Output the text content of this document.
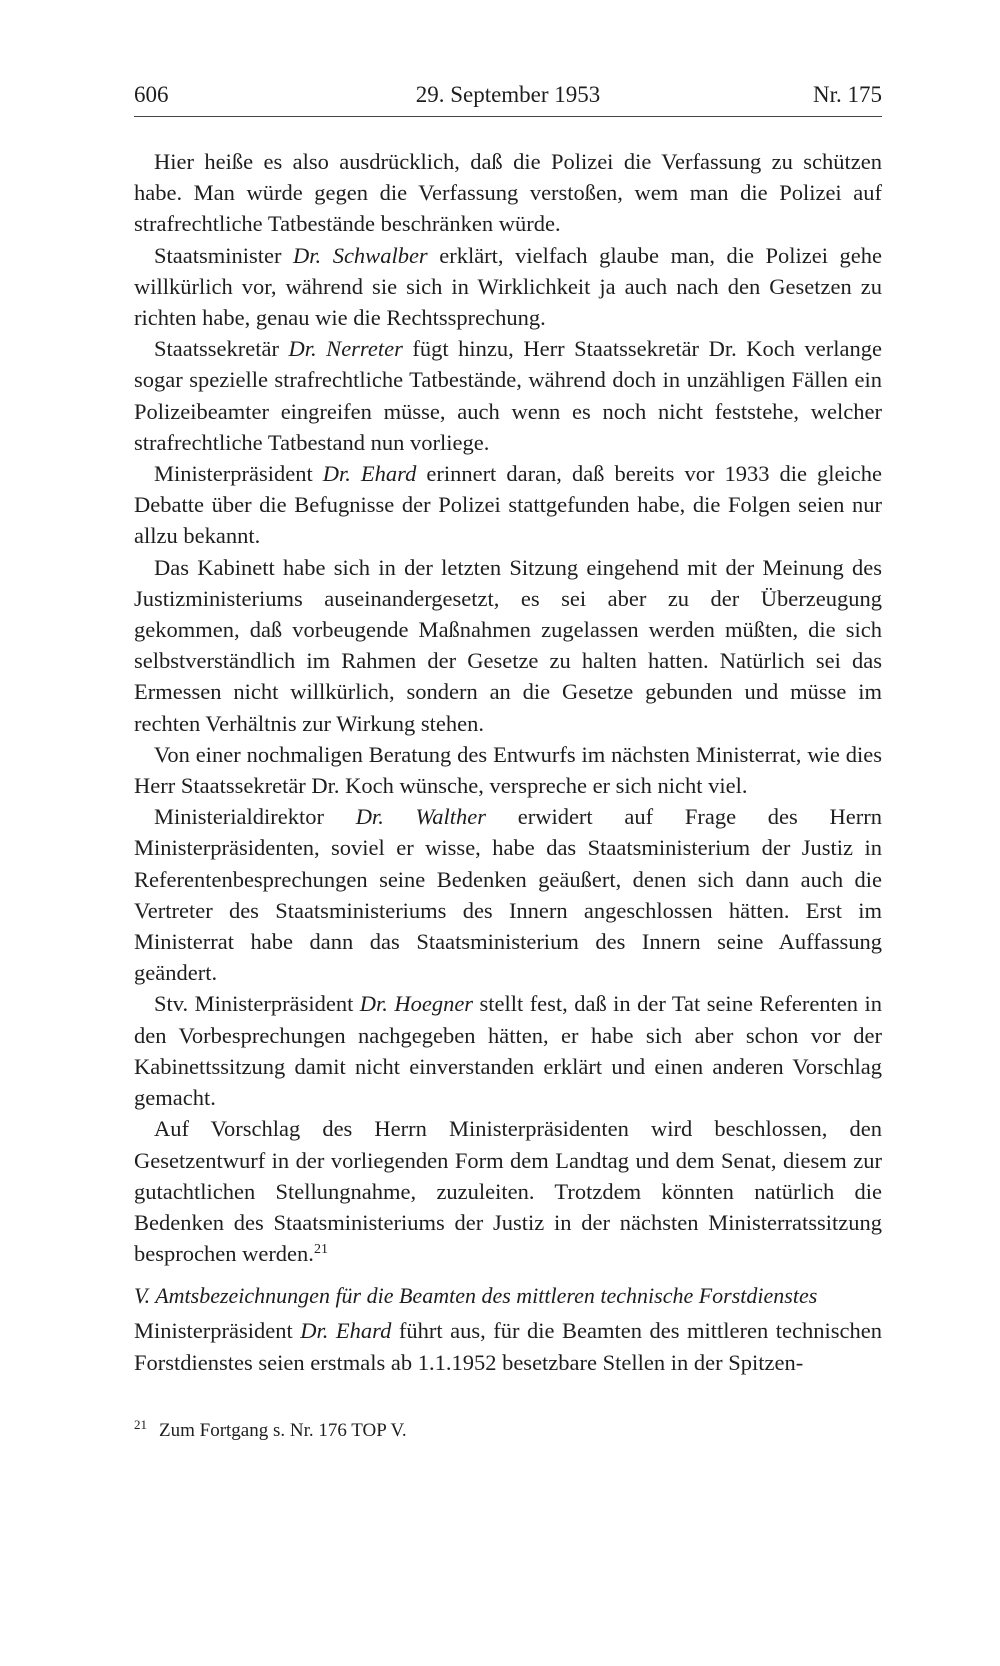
606	29. September 1953	Nr. 175

Hier heiße es also ausdrücklich, daß die Polizei die Verfassung zu schützen habe. Man würde gegen die Verfassung verstoßen, wem man die Polizei auf strafrechtliche Tatbestände beschränken würde.

Staatsminister Dr. Schwalber erklärt, vielfach glaube man, die Polizei gehe willkürlich vor, während sie sich in Wirklichkeit ja auch nach den Gesetzen zu richten habe, genau wie die Rechtssprechung.

Staatssekretär Dr. Nerreter fügt hinzu, Herr Staatssekretär Dr. Koch verlange sogar spezielle strafrechtliche Tatbestände, während doch in unzähligen Fällen ein Polizeibeamter eingreifen müsse, auch wenn es noch nicht feststehe, welcher strafrechtliche Tatbestand nun vorliege.

Ministerpräsident Dr. Ehard erinnert daran, daß bereits vor 1933 die gleiche Debatte über die Befugnisse der Polizei stattgefunden habe, die Folgen seien nur allzu bekannt.

Das Kabinett habe sich in der letzten Sitzung eingehend mit der Meinung des Justizministeriums auseinandergesetzt, es sei aber zu der Überzeugung gekommen, daß vorbeugende Maßnahmen zugelassen werden müßten, die sich selbstverständlich im Rahmen der Gesetze zu halten hatten. Natürlich sei das Ermessen nicht willkürlich, sondern an die Gesetze gebunden und müsse im rechten Verhältnis zur Wirkung stehen.

Von einer nochmaligen Beratung des Entwurfs im nächsten Ministerrat, wie dies Herr Staatssekretär Dr. Koch wünsche, verspreche er sich nicht viel.

Ministerialdirektor Dr. Walther erwidert auf Frage des Herrn Ministerpräsidenten, soviel er wisse, habe das Staatsministerium der Justiz in Referentenbesprechungen seine Bedenken geäußert, denen sich dann auch die Vertreter des Staatsministeriums des Innern angeschlossen hätten. Erst im Ministerrat habe dann das Staatsministerium des Innern seine Auffassung geändert.

Stv. Ministerpräsident Dr. Hoegner stellt fest, daß in der Tat seine Referenten in den Vorbesprechungen nachgegeben hätten, er habe sich aber schon vor der Kabinettssitzung damit nicht einverstanden erklärt und einen anderen Vorschlag gemacht.

Auf Vorschlag des Herrn Ministerpräsidenten wird beschlossen, den Gesetzentwurf in der vorliegenden Form dem Landtag und dem Senat, diesem zur gutachtlichen Stellungnahme, zuzuleiten. Trotzdem könnten natürlich die Bedenken des Staatsministeriums der Justiz in der nächsten Ministerratssitzung besprochen werden.$^{21}$

V. Amtsbezeichnungen für die Beamten des mittleren technische Forstdienstes

Ministerpräsident Dr. Ehard führt aus, für die Beamten des mittleren technischen Forstdienstes seien erstmals ab 1.1.1952 besetzbare Stellen in der Spitzen-

$^{21}$ Zum Fortgang s. Nr. 176 TOP V.
